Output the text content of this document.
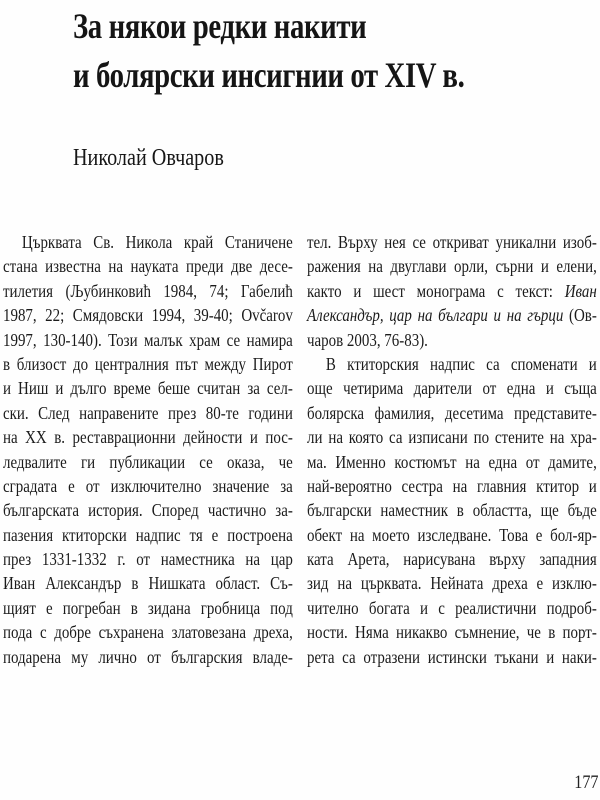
За някои редки накити
и болярски инсигнии от XIV в.
Николай Овчаров
Църквата Св. Никола край Станичене
стана известна на науката преди две десе-
тилетия (Љубинковић 1984, 74; Габелић
1987, 22; Смядовски 1994, 39-40; Ovčarov
1997, 130-140). Този малък храм се намира
в близост до централния път между Пирот
и Ниш и дълго време беше считан за сел-
ски. След направените през 80-те години
на XX в. реставрационни дейности и пос-
ледвалите ги публикации се оказа, че
сградата е от изключително значение за
българската история. Според частично за-
пазения ктиторски надпис тя е построена
през 1331-1332 г. от наместника на цар
Иван Александър в Нишката област. Съ-
щият е погребан в зидана гробница под
пода с добре съхранена златовезана дреха,
подарена му лично от българския владе-
тел. Върху нея се откриват уникални изоб-
ражения на двуглави орли, сърни и елени,
както и шест монограма с текст: Иван
Александър, цар на българи и на гърци (Ов-
чаров 2003, 76-83).
В ктиторския надпис са споменати и
още четирима дарители от една и съща
болярска фамилия, десетима представите-
ли на която са изписани по стените на хра-
ма. Именно костюмът на една от дамите,
най-вероятно сестра на главния ктитор и
български наместник в областта, ще бъде
обект на моето изследване. Това е бол-яр-
ката Арета, нарисувана върху западния
зид на църквата. Нейната дреха е изклю-
чително богата и с реалистични подроб-
ности. Няма никакво съмнение, че в порт-
рета са отразени истински тъкани и наки-
177
